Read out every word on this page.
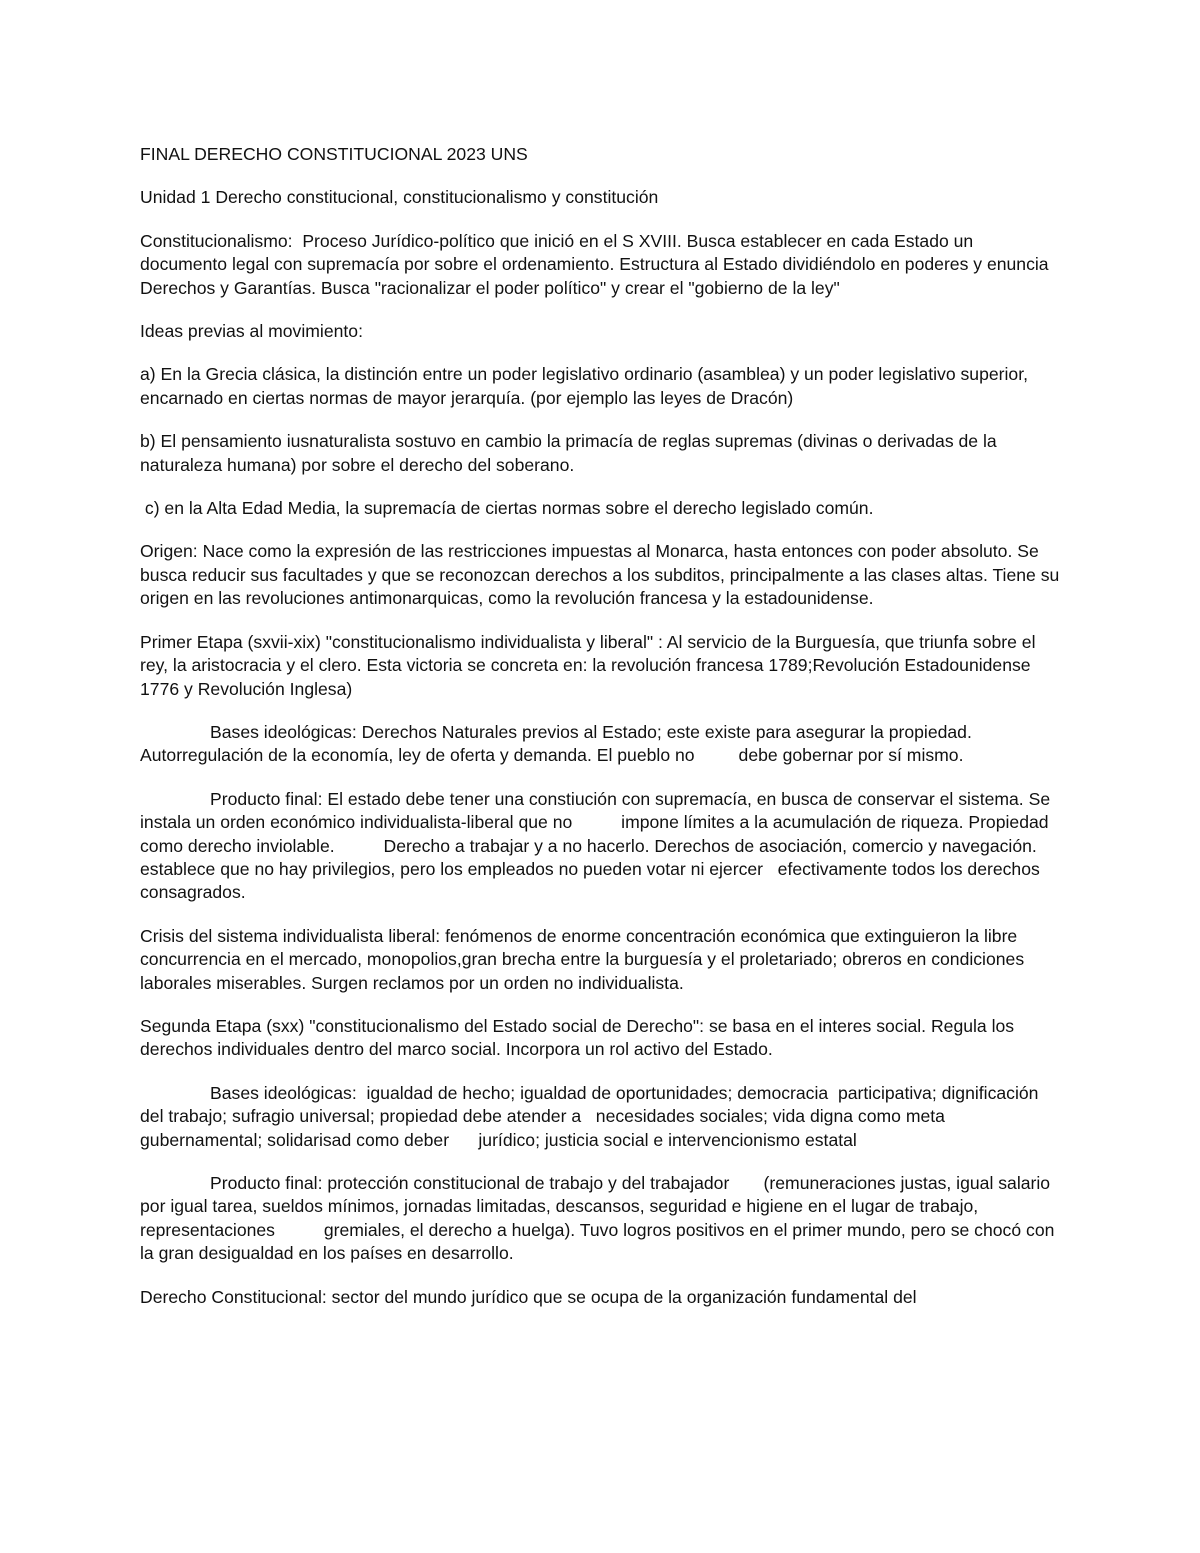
FINAL DERECHO CONSTITUCIONAL 2023 UNS

Unidad 1 Derecho constitucional, constitucionalismo y constitución

Constitucionalismo:  Proceso Jurídico-político que inició en el S XVIII. Busca establecer en cada Estado un documento legal con supremacía por sobre el ordenamiento. Estructura al Estado dividiéndolo en poderes y enuncia Derechos y Garantías. Busca "racionalizar el poder político" y crear el "gobierno de la ley"

Ideas previas al movimiento:

a) En la Grecia clásica, la distinción entre un poder legislativo ordinario (asamblea) y un poder legislativo superior, encarnado en ciertas normas de mayor jerarquía. (por ejemplo las leyes de Dracón)

b) El pensamiento iusnaturalista sostuvo en cambio la primacía de reglas supremas (divinas o derivadas de la naturaleza humana) por sobre el derecho del soberano.

c) en la Alta Edad Media, la supremacía de ciertas normas sobre el derecho legislado común.

Origen: Nace como la expresión de las restricciones impuestas al Monarca, hasta entonces con poder absoluto. Se busca reducir sus facultades y que se reconozcan derechos a los subditos, principalmente a las clases altas. Tiene su origen en las revoluciones antimonarquicas, como la revolución francesa y la estadounidense.

Primer Etapa (sxvii-xix) "constitucionalismo individualista y liberal" : Al servicio de la Burguesía, que triunfa sobre el rey, la aristocracia y el clero. Esta victoria se concreta en: la revolución francesa 1789;Revolución Estadounidense 1776 y Revolución Inglesa)

Bases ideológicas: Derechos Naturales previos al Estado; este existe para asegurar la propiedad. Autorregulación de la economía, ley de oferta y demanda. El pueblo no         debe gobernar por sí mismo.

Producto final: El estado debe tener una constiución con supremacía, en busca de conservar el sistema. Se instala un orden económico individualista-liberal que no          impone límites a la acumulación de riqueza. Propiedad como derecho inviolable.          Derecho a trabajar y a no hacerlo. Derechos de asociación, comercio y navegación.          establece que no hay privilegios, pero los empleados no pueden votar ni ejercer   efectivamente todos los derechos consagrados.

Crisis del sistema individualista liberal: fenómenos de enorme concentración económica que extinguieron la libre concurrencia en el mercado, monopolios,gran brecha entre la burguesía y el proletariado; obreros en condiciones laborales miserables. Surgen reclamos por un orden no individualista.

Segunda Etapa (sxx) "constitucionalismo del Estado social de Derecho": se basa en el interes social. Regula los derechos individuales dentro del marco social. Incorpora un rol activo del Estado.

Bases ideológicas:  igualdad de hecho; igualdad de oportunidades; democracia  participativa; dignificación del trabajo; sufragio universal; propiedad debe atender a   necesidades sociales; vida digna como meta gubernamental; solidarisad como deber      jurídico; justicia social e intervencionismo estatal

Producto final: protección constitucional de trabajo y del trabajador       (remuneraciones justas, igual salario por igual tarea, sueldos mínimos, jornadas limitadas, descansos, seguridad e higiene en el lugar de trabajo, representaciones          gremiales, el derecho a huelga). Tuvo logros positivos en el primer mundo, pero se chocó con la gran desigualdad en los países en desarrollo.

Derecho Constitucional: sector del mundo jurídico que se ocupa de la organización fundamental del
